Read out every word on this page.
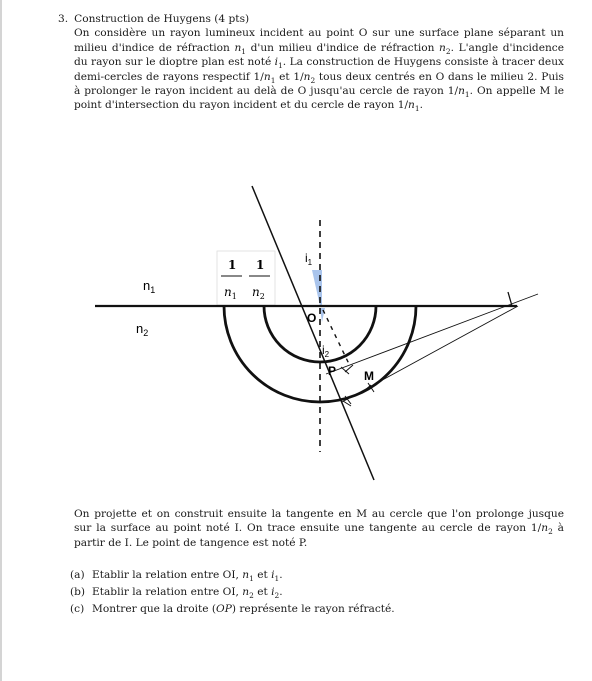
3. Construction de Huygens (4 pts)
On considère un rayon lumineux incident au point O sur une surface plane séparant un milieu d'indice de réfraction $n_1$ d'un milieu d'indice de réfraction $n_2$. L'angle d'incidence du rayon sur le dioptre plan est noté $i_1$. La construction de Huygens consiste à tracer deux demi-cercles de rayons respectif $1/n_1$ et $1/n_2$ tous deux centrés en O dans le milieu 2. Puis à prolonger le rayon incident au delà de O jusqu'au cercle de rayon $1/n_1$. On appelle M le point d'intersection du rayon incident et du cercle de rayon $1/n_1$.
$n_1$
$n_2$
1
$n_1$
1
$n_2$
$i_1$
O
$i_2$
P M
On projette et on construit ensuite la tangente en M au cercle que l'on prolonge jusque sur la surface au point noté I. On trace ensuite une tangente au cercle de rayon $1/n_2$ à partir de I. Le point de tangence est noté P.
(a) Etablir la relation entre OI, $n_1$ et $i_1$.
(b) Etablir la relation entre OI, $n_2$ et $i_2$.
(c) Montrer que la droite (OP) représente le rayon réfracté.
